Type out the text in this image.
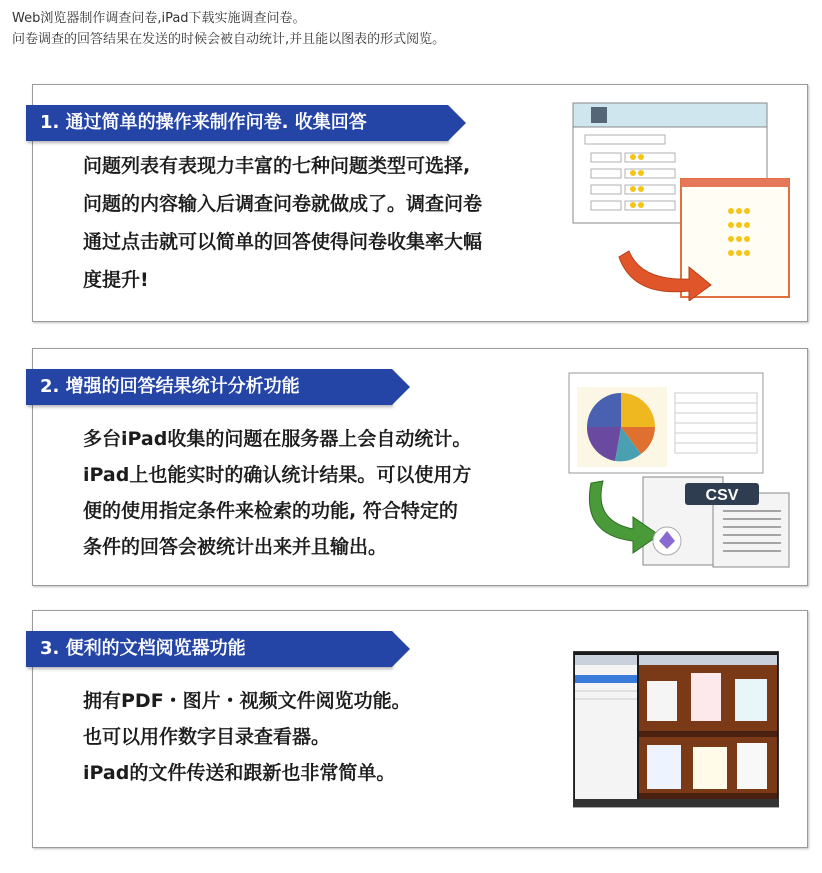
Web浏览器制作调查问卷,iPad下载实施调查问卷。
问卷调查的回答结果在发送的时候会被自动统计,并且能以图表的形式阅览。
1. 通过简单的操作来制作问卷. 收集回答
问题列表有表现力丰富的七种问题类型可选择,
问题的内容输入后调查问卷就做成了。调查问卷
通过点击就可以简单的回答使得问卷收集率大幅
度提升!
2. 增强的回答结果统计分析功能
多台iPad收集的问题在服务器上会自动统计。
iPad上也能实时的确认统计结果。可以使用方
便的使用指定条件来检索的功能, 符合特定的
条件的回答会被统计出来并且输出。
CSV
3. 便利的文档阅览器功能
拥有PDF・图片・视频文件阅览功能。
也可以用作数字目录查看器。
iPad的文件传送和跟新也非常简单。
